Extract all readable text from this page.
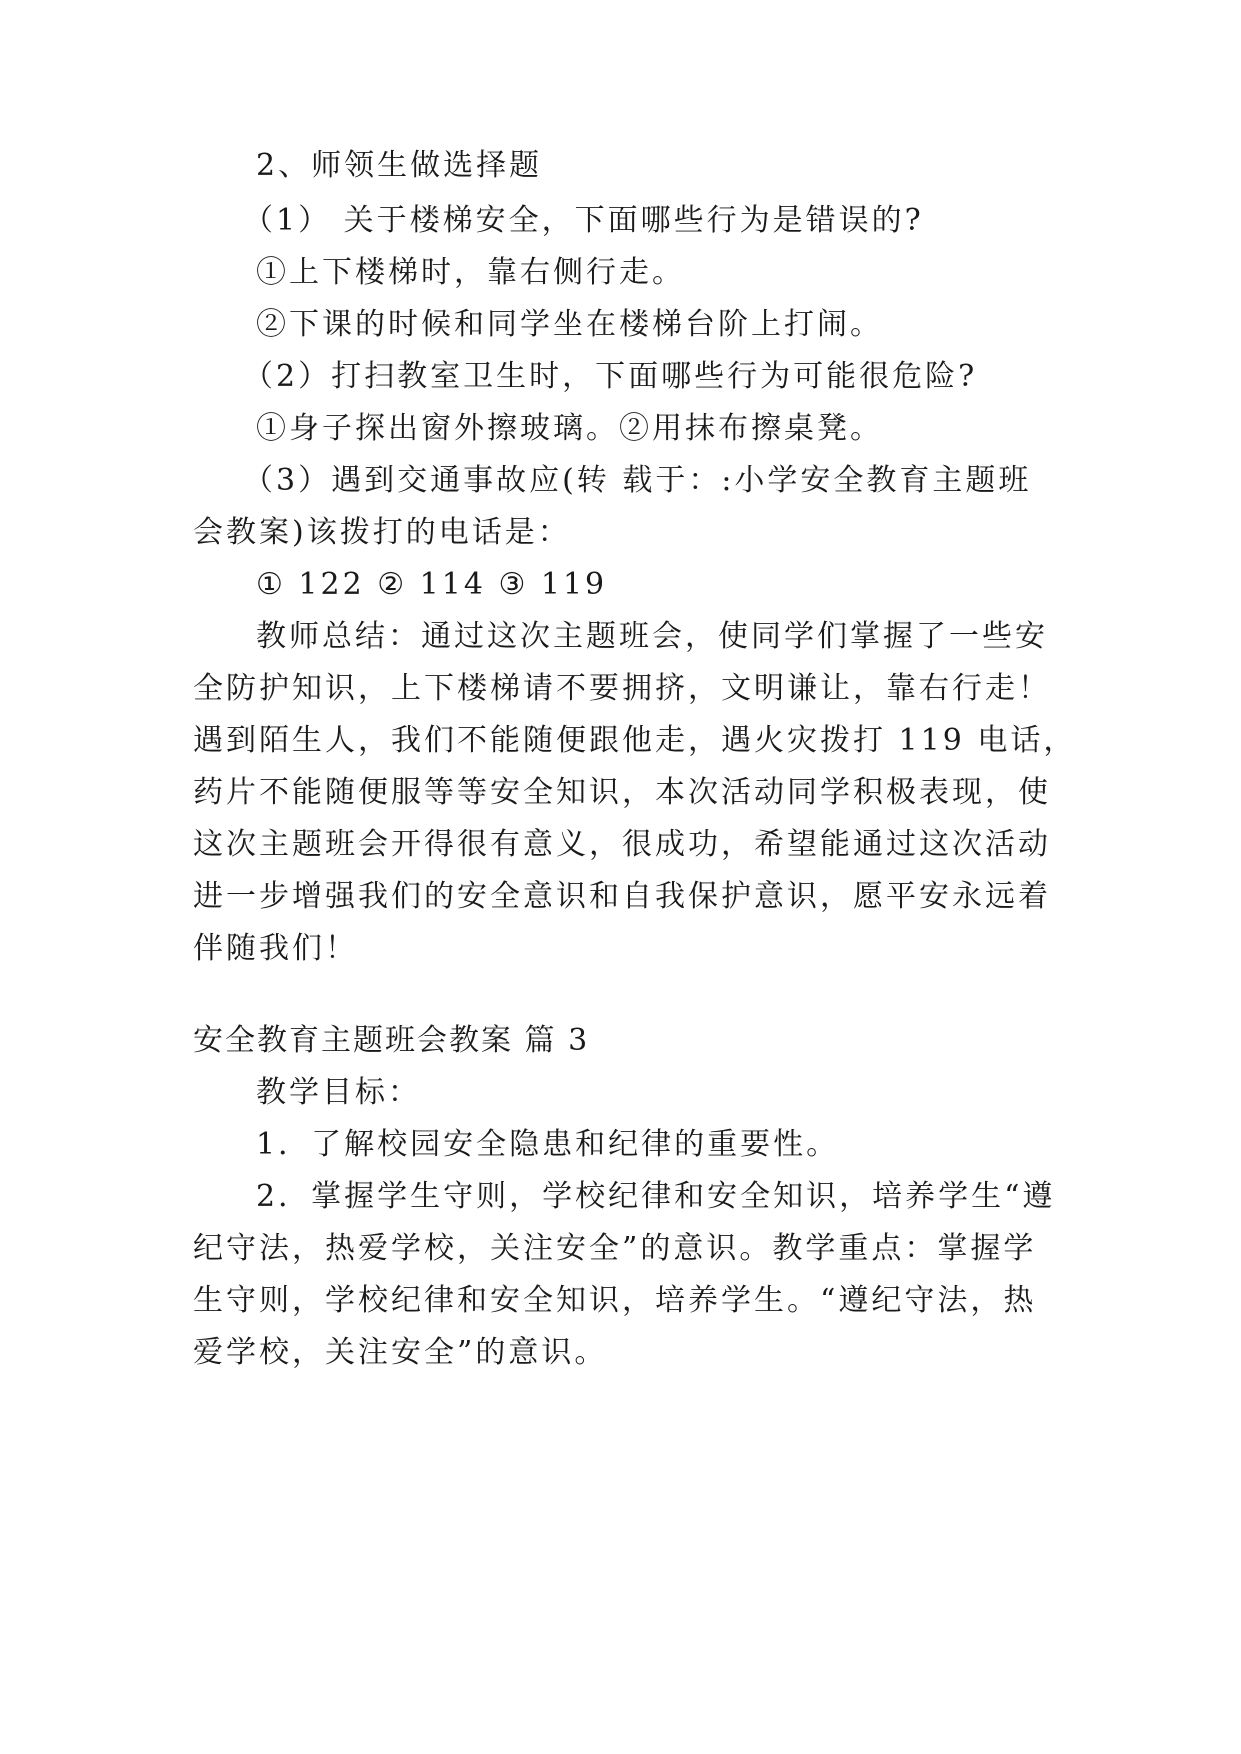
2、师领生做选择题
（1） 关于楼梯安全，下面哪些行为是错误的?
①上下楼梯时，靠右侧行走。
②下课的时候和同学坐在楼梯台阶上打闹。
（2）打扫教室卫生时，下面哪些行为可能很危险?
①身子探出窗外擦玻璃。②用抹布擦桌凳。
（3）遇到交通事故应(转 载于：:小学安全教育主题班
会教案)该拨打的电话是：
① 122 ② 114 ③ 119
教师总结：通过这次主题班会，使同学们掌握了一些安
全防护知识，上下楼梯请不要拥挤，文明谦让，靠右行走！
遇到陌生人，我们不能随便跟他走，遇火灾拨打 119 电话，
药片不能随便服等等安全知识，本次活动同学积极表现，使
这次主题班会开得很有意义，很成功，希望能通过这次活动
进一步增强我们的安全意识和自我保护意识，愿平安永远着
伴随我们！
安全教育主题班会教案 篇 3
教学目标：
1．了解校园安全隐患和纪律的重要性。
2．掌握学生守则，学校纪律和安全知识，培养学生“遵
纪守法，热爱学校，关注安全”的意识。教学重点：掌握学
生守则，学校纪律和安全知识，培养学生。“遵纪守法，热
爱学校，关注安全”的意识。
